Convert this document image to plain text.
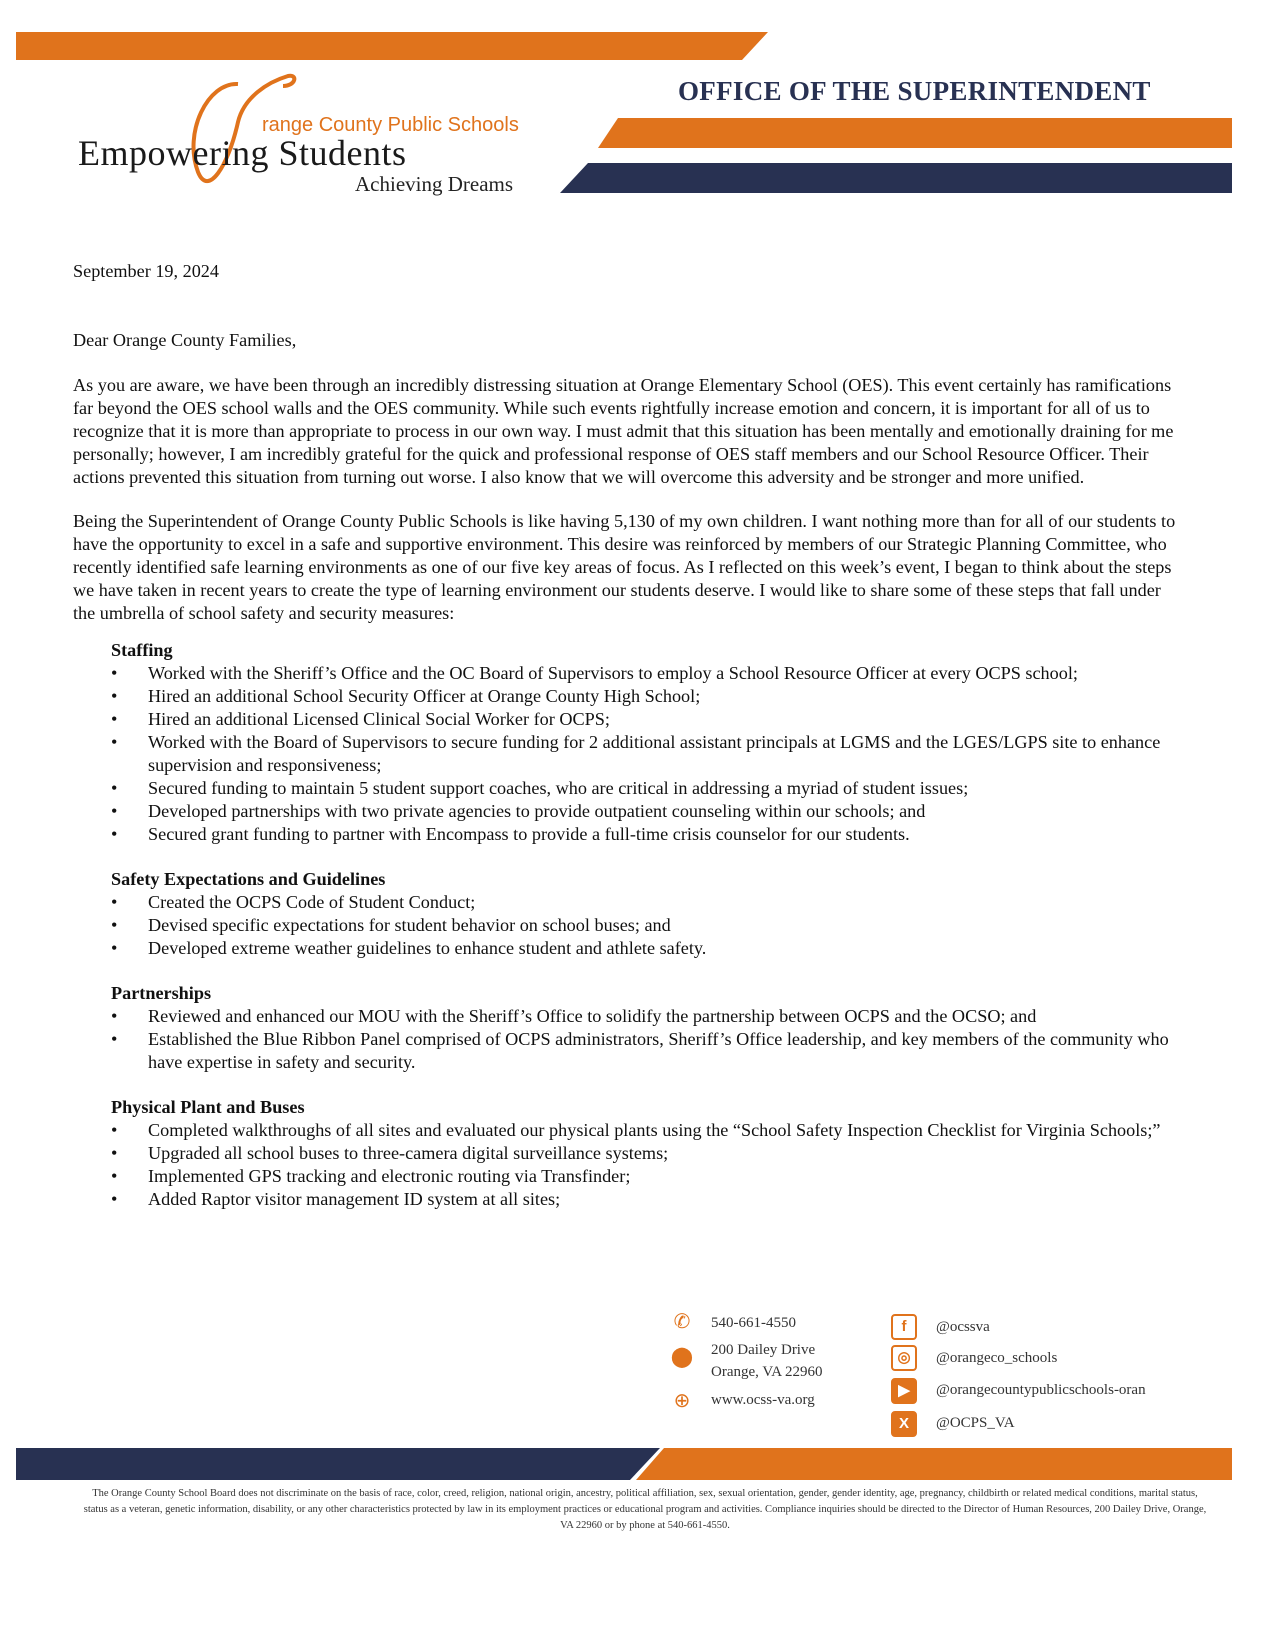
range County Public Schools
Empowering Students
Achieving Dreams
OFFICE OF THE SUPERINTENDENT

September 19, 2024

Dear Orange County Families,

As you are aware, we have been through an incredibly distressing situation at Orange Elementary School (OES). This event certainly has ramifications far beyond the OES school walls and the OES community. While such events rightfully increase emotion and concern, it is important for all of us to recognize that it is more than appropriate to process in our own way. I must admit that this situation has been mentally and emotionally draining for me personally; however, I am incredibly grateful for the quick and professional response of OES staff members and our School Resource Officer. Their actions prevented this situation from turning out worse. I also know that we will overcome this adversity and be stronger and more unified.

Being the Superintendent of Orange County Public Schools is like having 5,130 of my own children. I want nothing more than for all of our students to have the opportunity to excel in a safe and supportive environment. This desire was reinforced by members of our Strategic Planning Committee, who recently identified safe learning environments as one of our five key areas of focus. As I reflected on this week’s event, I began to think about the steps we have taken in recent years to create the type of learning environment our students deserve. I would like to share some of these steps that fall under the umbrella of school safety and security measures:

Staffing
• Worked with the Sheriff’s Office and the OC Board of Supervisors to employ a School Resource Officer at every OCPS school;
• Hired an additional School Security Officer at Orange County High School;
• Hired an additional Licensed Clinical Social Worker for OCPS;
• Worked with the Board of Supervisors to secure funding for 2 additional assistant principals at LGMS and the LGES/LGPS site to enhance supervision and responsiveness;
• Secured funding to maintain 5 student support coaches, who are critical in addressing a myriad of student issues;
• Developed partnerships with two private agencies to provide outpatient counseling within our schools; and
• Secured grant funding to partner with Encompass to provide a full-time crisis counselor for our students.
Safety Expectations and Guidelines
• Created the OCPS Code of Student Conduct;
• Devised specific expectations for student behavior on school buses; and
• Developed extreme weather guidelines to enhance student and athlete safety.
Partnerships
• Reviewed and enhanced our MOU with the Sheriff’s Office to solidify the partnership between OCPS and the OCSO; and
• Established the Blue Ribbon Panel comprised of OCPS administrators, Sheriff’s Office leadership, and key members of the community who have expertise in safety and security.
Physical Plant and Buses
• Completed walkthroughs of all sites and evaluated our physical plants using the “School Safety Inspection Checklist for Virginia Schools;”
• Upgraded all school buses to three-camera digital surveillance systems;
• Implemented GPS tracking and electronic routing via Transfinder;
• Added Raptor visitor management ID system at all sites;
✆ 540-661-4550
⬤ 200 Dailey Drive
Orange, VA 22960
⊕ www.ocss-va.org
f	@ocssva
◎	@orangeco_schools
▶	@orangecountypublicschools-oran
X	@OCPS_VA
The Orange County School Board does not discriminate on the basis of race, color, creed, religion, national origin, ancestry, political affiliation, sex, sexual orientation, gender, gender identity, age, pregnancy, childbirth or related medical conditions, marital status, status as a veteran, genetic information, disability, or any other characteristics protected by law in its employment practices or educational program and activities. Compliance inquiries should be directed to the Director of Human Resources, 200 Dailey Drive, Orange, VA 22960 or by phone at 540-661-4550.
